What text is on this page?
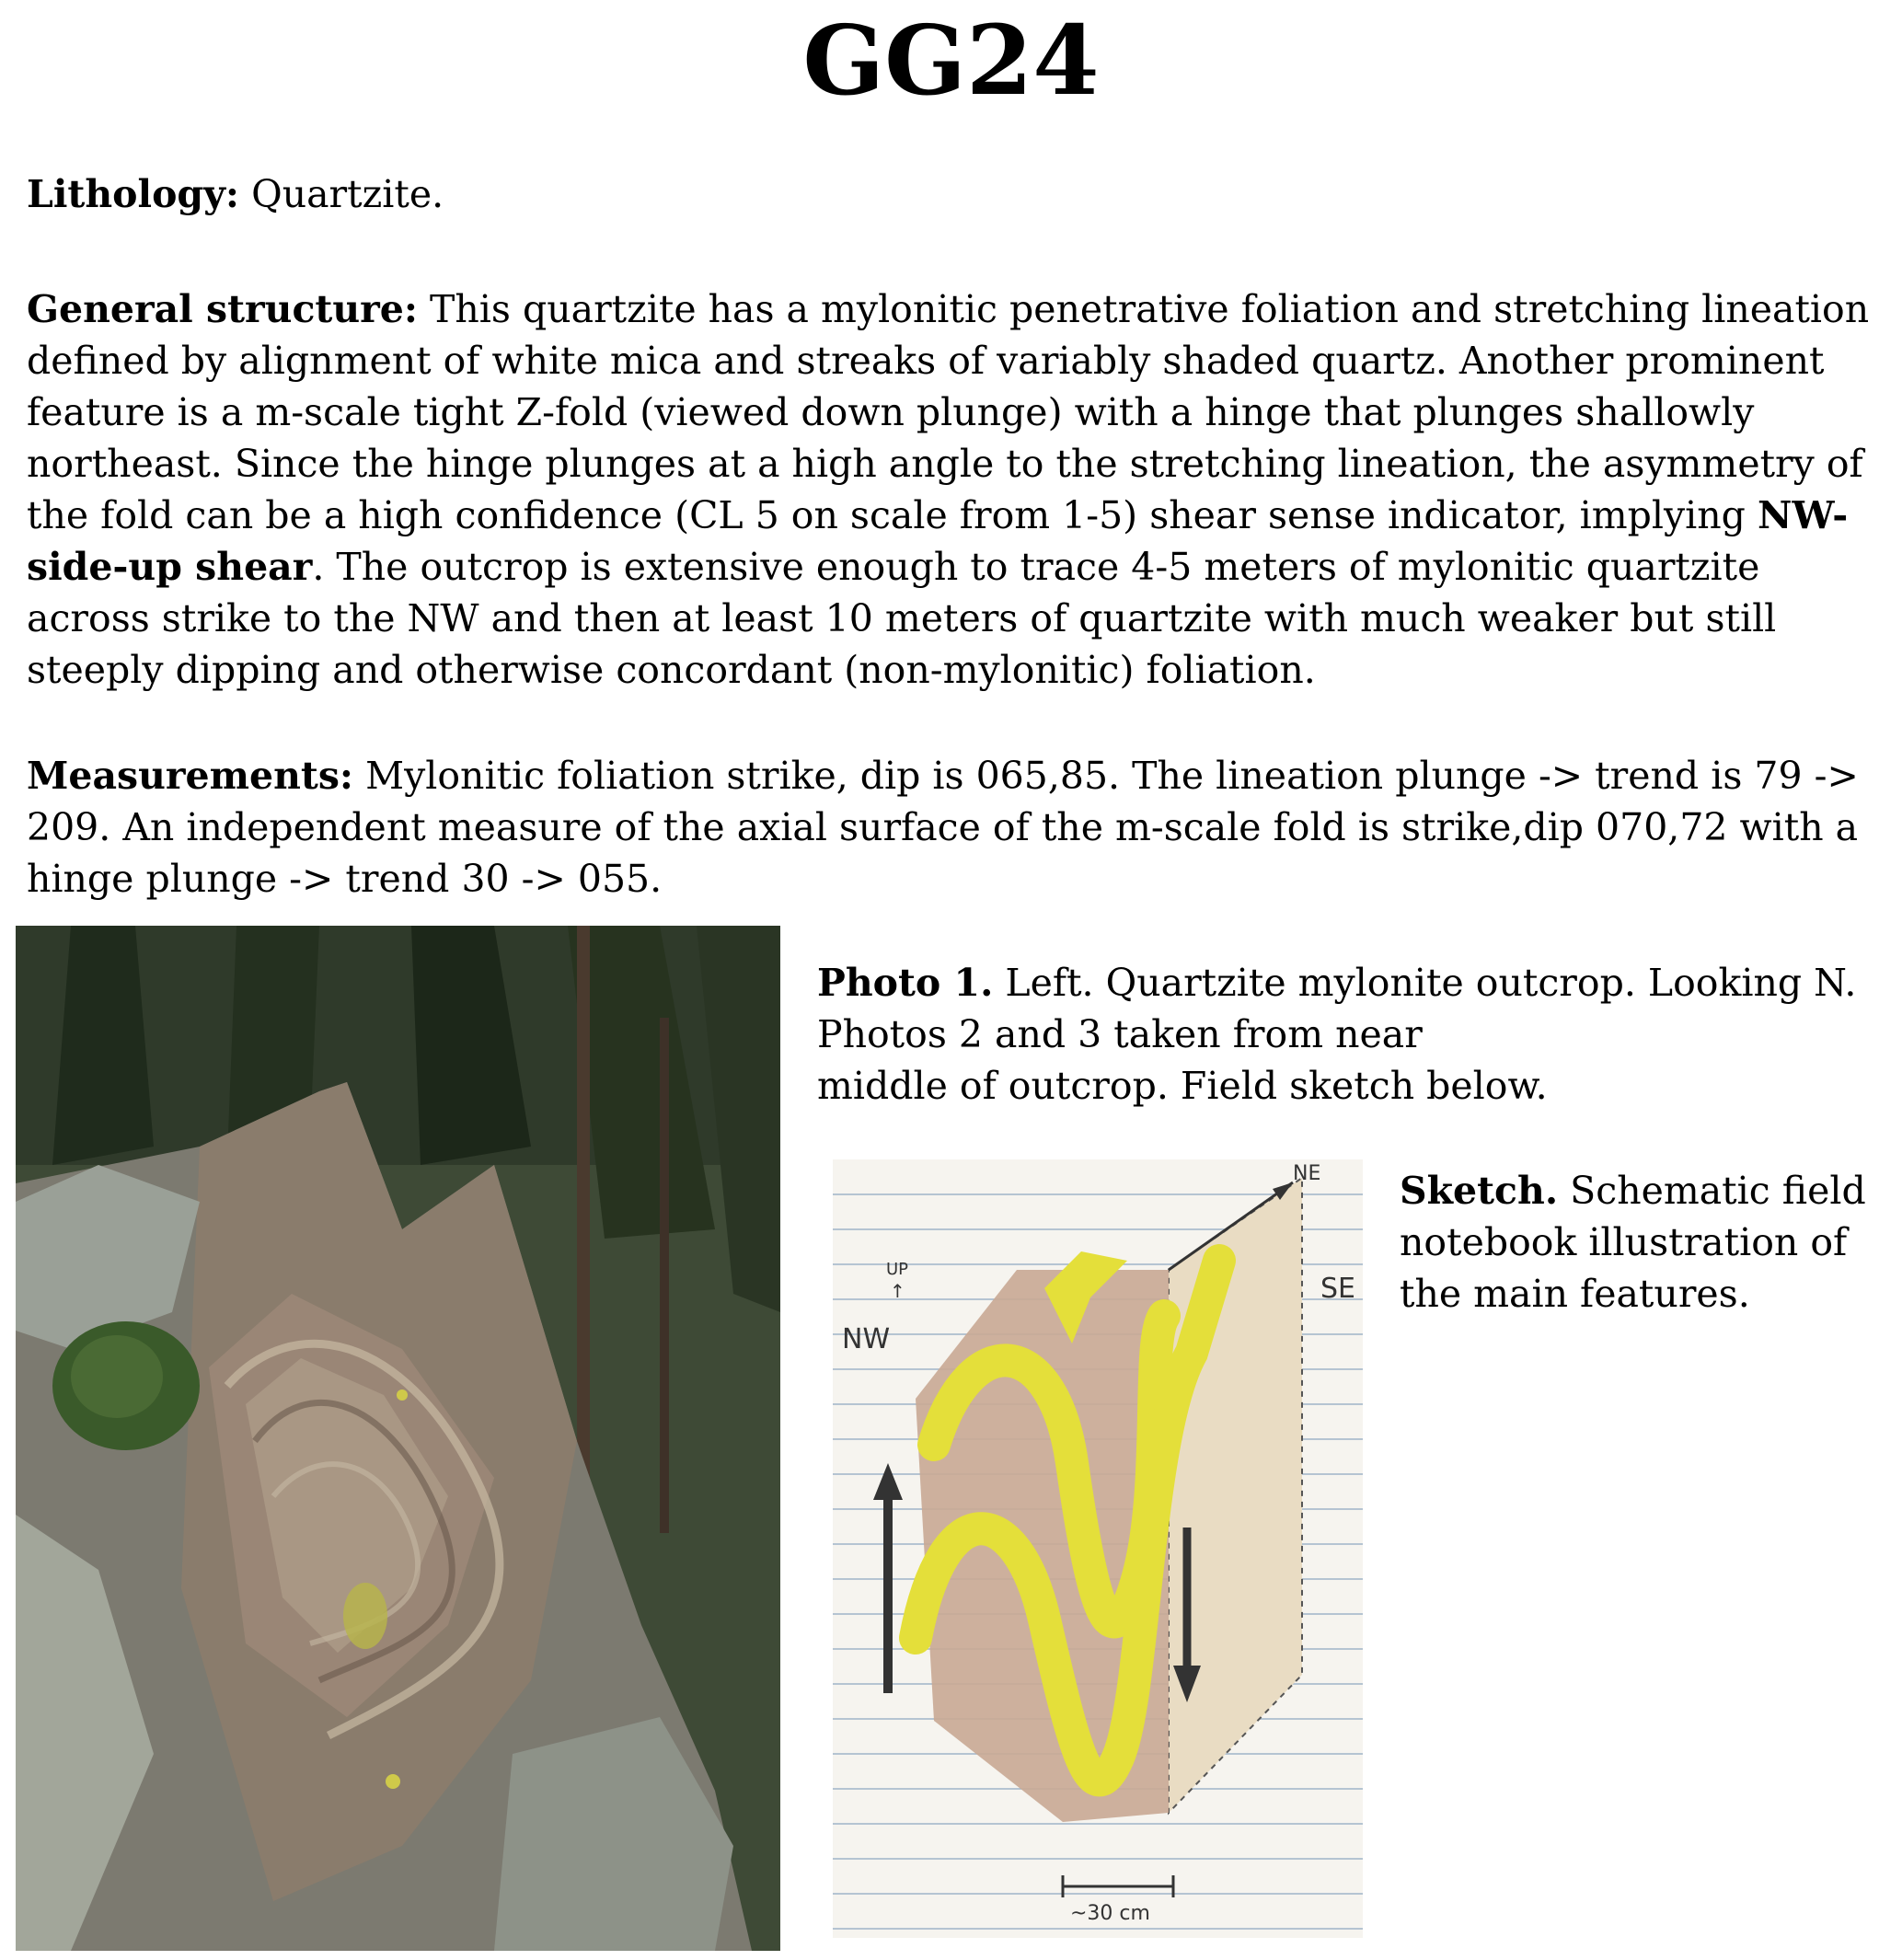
GG24

Lithology: Quartzite.

General structure: This quartzite has a mylonitic penetrative foliation and stretching lineation defined by alignment of white mica and streaks of variably shaded quartz. Another prominent feature is a m-scale tight Z-fold (viewed down plunge) with a hinge that plunges shallowly northeast. Since the hinge plunges at a high angle to the stretching lineation, the asymmetry of the fold can be a high confidence (CL 5 on scale from 1-5) shear sense indicator, implying NW-side-up shear. The outcrop is extensive enough to trace 4-5 meters of mylonitic quartzite across strike to the NW and then at least 10 meters of quartzite with much weaker but still steeply dipping and otherwise concordant (non-mylonitic) foliation.

Measurements: Mylonitic foliation strike, dip is 065,85. The lineation plunge -> trend is 79 -> 209. An independent measure of the axial surface of the m-scale fold is strike,dip 070,72 with a hinge plunge -> trend 30 -> 055.

Photo 1. Left. Quartzite mylonite outcrop. Looking N.
Photos 2 and 3 taken from near
middle of outcrop. Field sketch below.

NE
UP
↑
NW
SE
~30 cm

Sketch. Schematic field notebook illustration of the main features.
